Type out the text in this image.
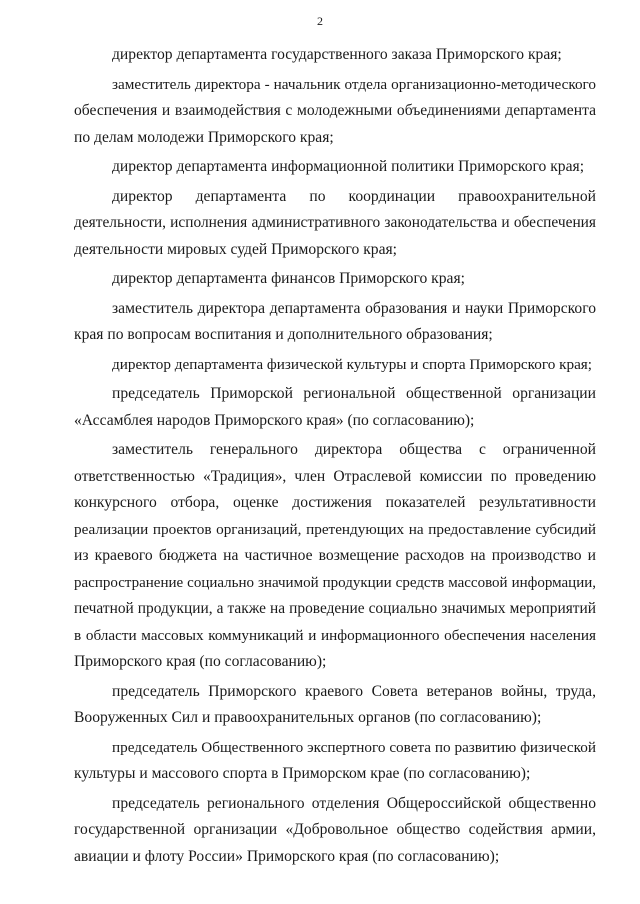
2
директор департамента государственного заказа Приморского края;
заместитель директора - начальник отдела организационно-методического
обеспечения и взаимодействия с молодежными объединениями департамента
по делам молодежи Приморского края;
директор департамента информационной политики Приморского края;
директор департамента по координации правоохранительной
деятельности, исполнения административного законодательства и обеспечения
деятельности мировых судей Приморского края;
директор департамента финансов Приморского края;
заместитель директора департамента образования и науки Приморского
края по вопросам воспитания и дополнительного образования;
директор департамента физической культуры и спорта Приморского края;
председатель Приморской региональной общественной организации
«Ассамблея народов Приморского края» (по согласованию);
заместитель генерального директора общества с ограниченной
ответственностью «Традиция», член Отраслевой комиссии по проведению
конкурсного отбора, оценке достижения показателей результативности
реализации проектов организаций, претендующих на предоставление субсидий
из краевого бюджета на частичное возмещение расходов на производство и
распространение социально значимой продукции средств массовой информации,
печатной продукции, а также на проведение социально значимых мероприятий
в области массовых коммуникаций и информационного обеспечения населения
Приморского края (по согласованию);
председатель Приморского краевого Совета ветеранов войны, труда,
Вооруженных Сил и правоохранительных органов (по согласованию);
председатель Общественного экспертного совета по развитию физической
культуры и массового спорта в Приморском крае (по согласованию);
председатель регионального отделения Общероссийской общественно
государственной организации «Добровольное общество содействия армии,
авиации и флоту России» Приморского края (по согласованию);
